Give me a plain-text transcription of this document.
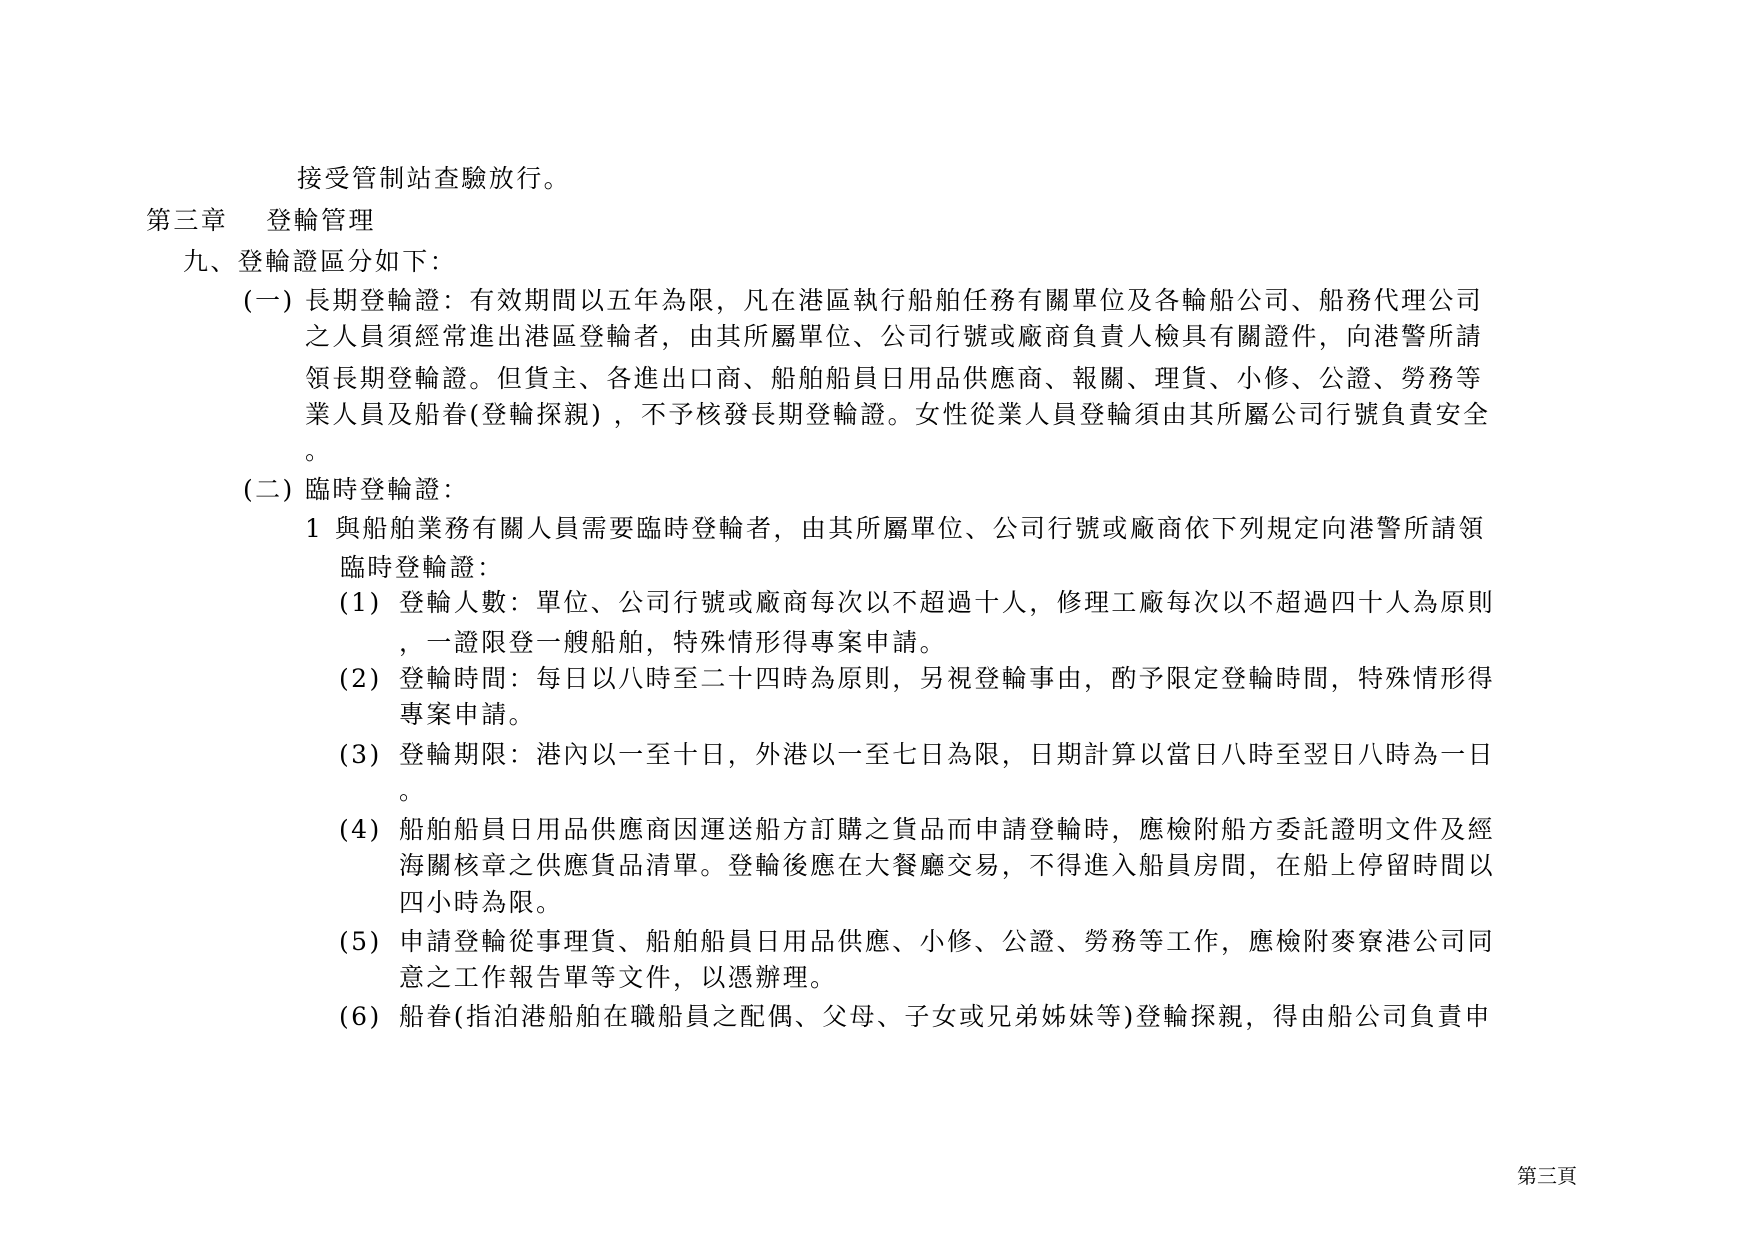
接受管制站查驗放行。
第三章 登輪管理
九、登輪證區分如下：
(一) 長期登輪證：有效期間以五年為限，凡在港區執行船舶任務有關單位及各輪船公司、船務代理公司
之人員須經常進出港區登輪者，由其所屬單位、公司行號或廠商負責人檢具有關證件，向港警所請
領長期登輪證。但貨主、各進出口商、船舶船員日用品供應商、報關、理貨、小修、公證、勞務等
業人員及船眷(登輪探親) ，不予核發長期登輪證。女性從業人員登輪須由其所屬公司行號負責安全
。
(二) 臨時登輪證：
1 與船舶業務有關人員需要臨時登輪者，由其所屬單位、公司行號或廠商依下列規定向港警所請領
臨時登輪證：
(1) 登輪人數：單位、公司行號或廠商每次以不超過十人，修理工廠每次以不超過四十人為原則
，一證限登一艘船舶，特殊情形得專案申請。
(2) 登輪時間：每日以八時至二十四時為原則，另視登輪事由，酌予限定登輪時間，特殊情形得
專案申請。
(3) 登輪期限：港內以一至十日，外港以一至七日為限，日期計算以當日八時至翌日八時為一日
。
(4) 船舶船員日用品供應商因運送船方訂購之貨品而申請登輪時，應檢附船方委託證明文件及經
海關核章之供應貨品清單。登輪後應在大餐廳交易，不得進入船員房間，在船上停留時間以
四小時為限。
(5) 申請登輪從事理貨、船舶船員日用品供應、小修、公證、勞務等工作，應檢附麥寮港公司同
意之工作報告單等文件，以憑辦理。
(6) 船眷(指泊港船舶在職船員之配偶、父母、子女或兄弟姊妹等)登輪探親，得由船公司負責申
第三頁
